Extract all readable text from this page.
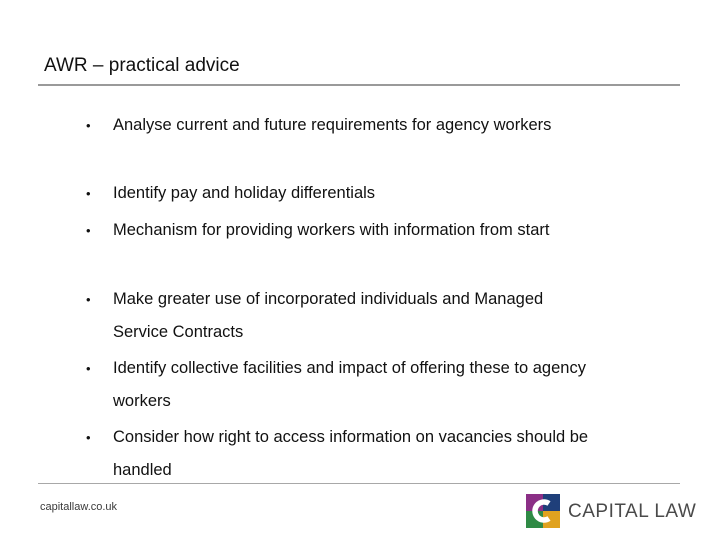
AWR – practical advice
• Analyse current and future requirements for agency workers
• Identify pay and holiday differentials
• Mechanism for providing workers with information from start
• Make greater use of incorporated individuals and Managed Service Contracts
• Identify collective facilities and impact of offering these to agency workers
• Consider how right to access information on vacancies should be handled
capitallaw.co.uk	CAPITAL LAW
